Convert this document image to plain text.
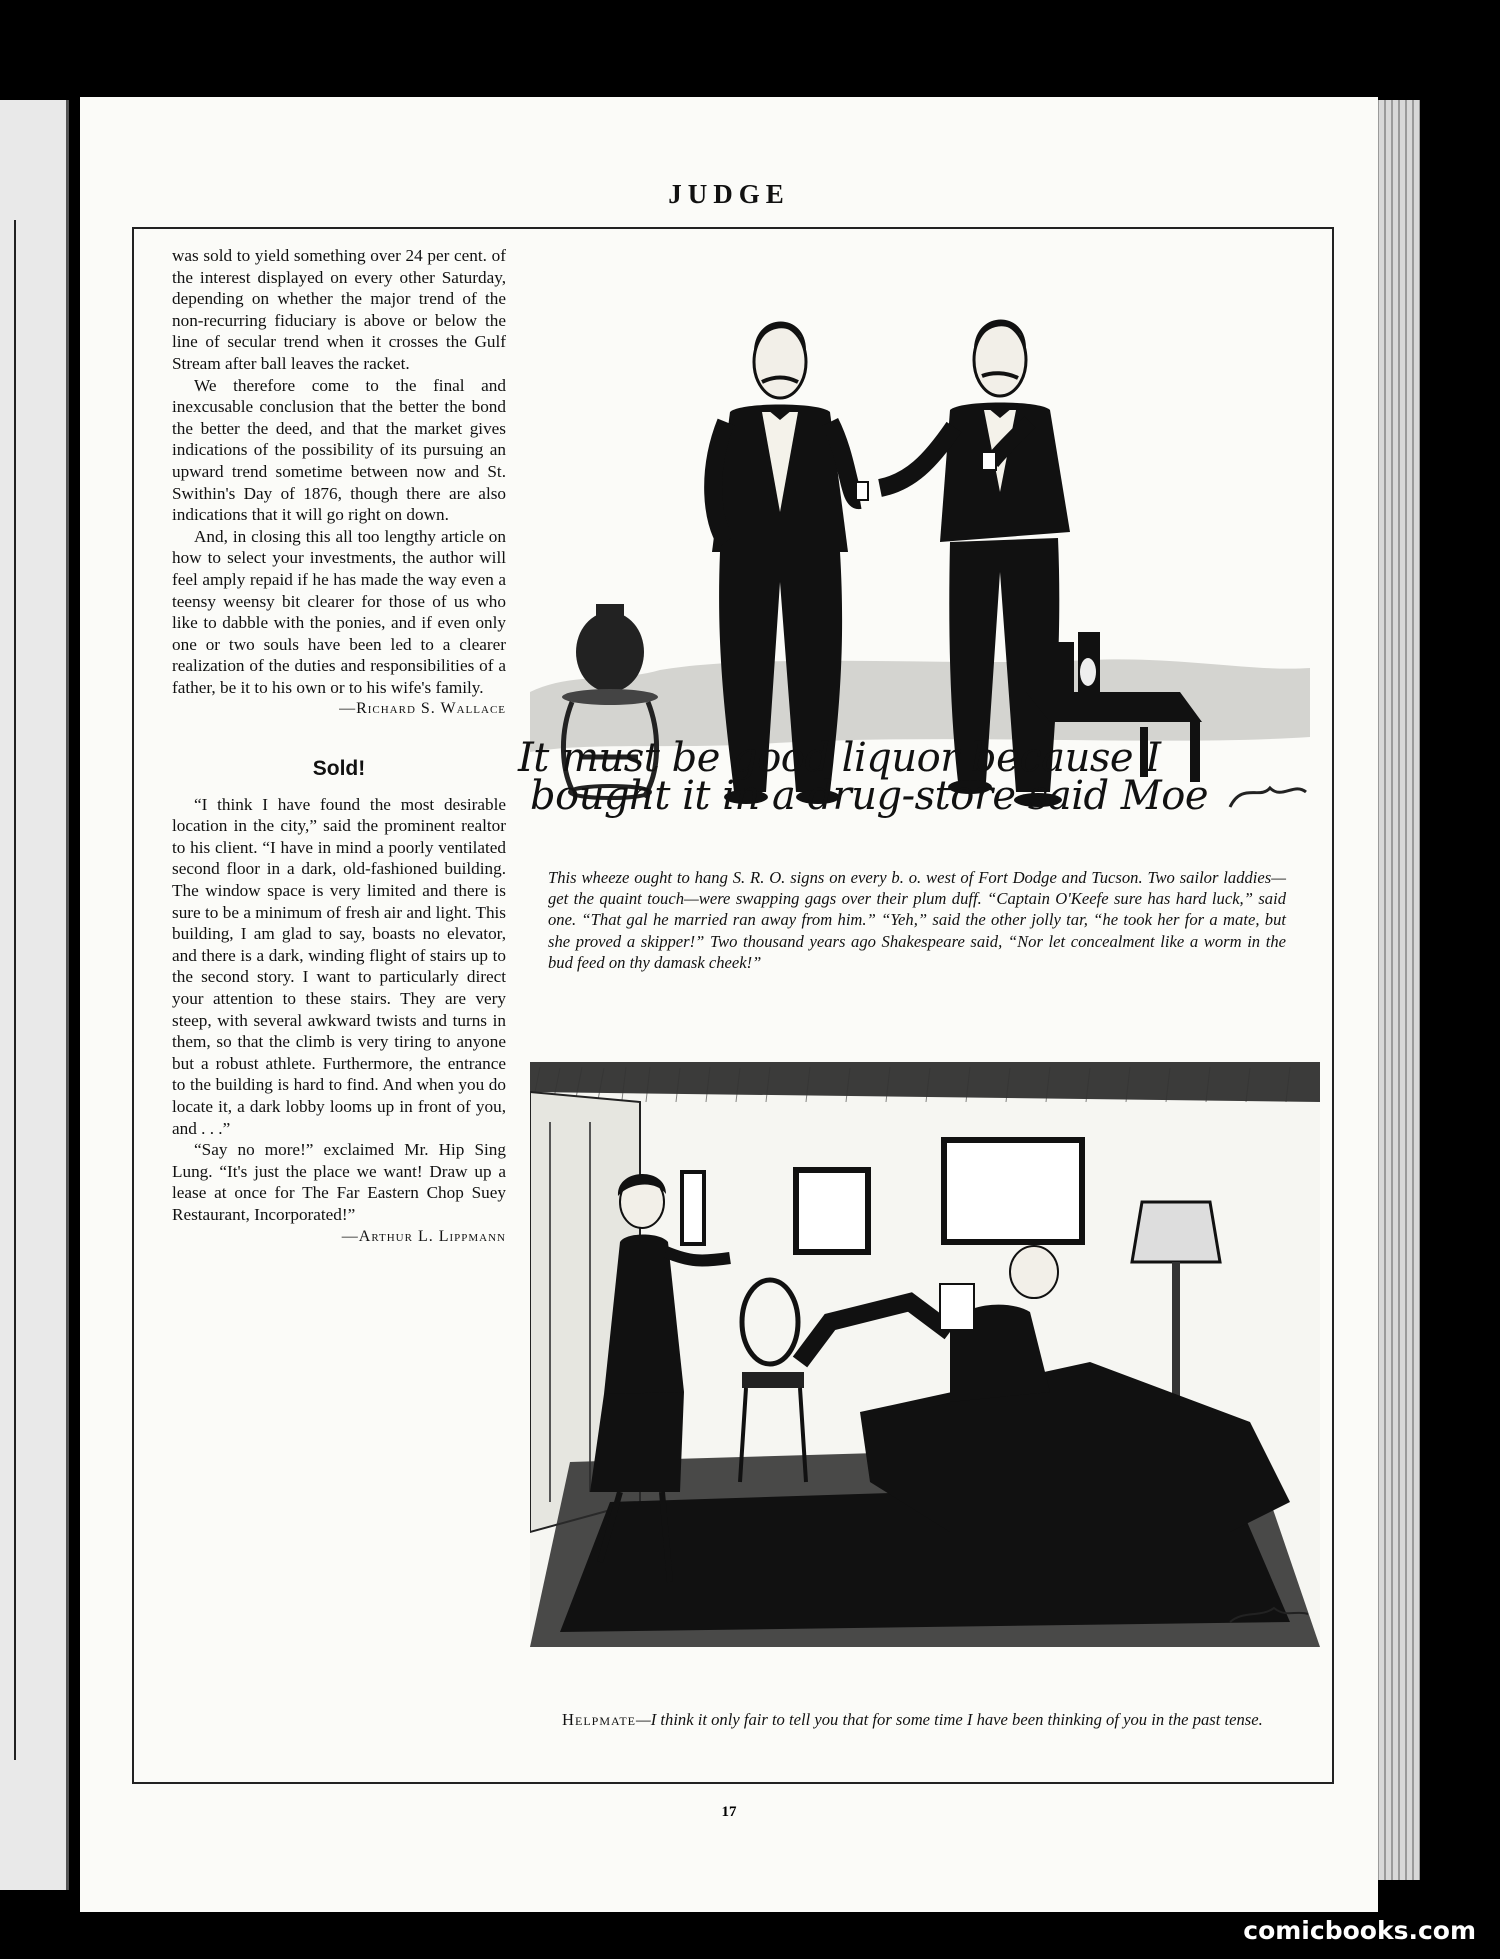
JUDGE

was sold to yield something over 24 per cent. of the interest displayed on every other Saturday, depending on whether the major trend of the non-recurring fiduciary is above or below the line of secular trend when it crosses the Gulf Stream after ball leaves the racket.

We therefore come to the final and inexcusable conclusion that the better the bond the better the deed, and that the market gives indications of the possibility of its pursuing an upward trend sometime between now and St. Swithin's Day of 1876, though there are also indications that it will go right on down.

And, in closing this all too lengthy article on how to select your investments, the author will feel amply repaid if he has made the way even a teensy weensy bit clearer for those of us who like to dabble with the ponies, and if even only one or two souls have been led to a clearer realization of the duties and responsibilities of a father, be it to his own or to his wife's family.

—Richard S. Wallace

Sold!

“I think I have found the most desirable location in the city,” said the prominent realtor to his client. “I have in mind a poorly ventilated second floor in a dark, old-fashioned building. The window space is very limited and there is sure to be a minimum of fresh air and light. This building, I am glad to say, boasts no elevator, and there is a dark, winding flight of stairs up to the second story. I want to particularly direct your attention to these stairs. They are very steep, with several awkward twists and turns in them, so that the climb is very tiring to anyone but a robust athlete. Furthermore, the entrance to the building is hard to find. And when you do locate it, a dark lobby looms up in front of you, and . . .”

“Say no more!” exclaimed Mr. Hip Sing Lung. “It's just the place we want! Draw up a lease at once for The Far Eastern Chop Suey Restaurant, Incorporated!”

—Arthur L. Lippmann

It must be good liquor because I
bought it in a drug-store said Moe
This wheeze ought to hang S. R. O. signs on every b. o. west of Fort Dodge and Tucson. Two sailor laddies—get the quaint touch—were swapping gags over their plum duff. “Captain O'Keefe sure has hard luck,” said one. “That gal he married ran away from him.” “Yeh,” said the other jolly tar, “he took her for a mate, but she proved a skipper!” Two thousand years ago Shakespeare said, “Nor let concealment like a worm in the bud feed on thy damask cheek!”
Helpmate—I think it only fair to tell you that for some time I have been thinking of you in the past tense.
17
comicbooks.com
